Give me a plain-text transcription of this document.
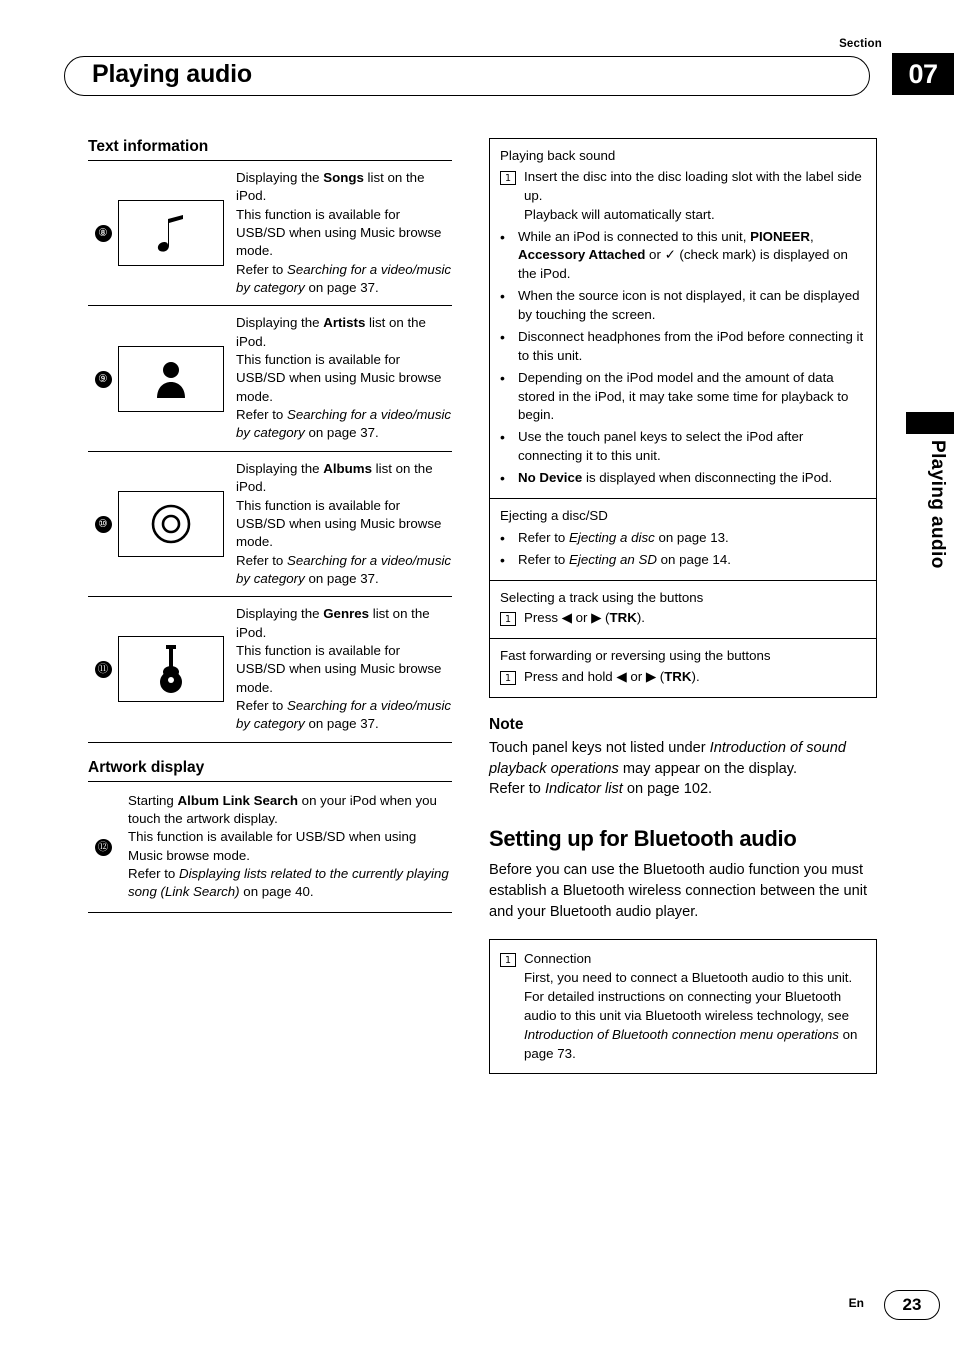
Section
07
Playing audio
Playing audio
Text information
⑧
Displaying the Songs list on the iPod.
This function is available for USB/SD when using Music browse mode.
Refer to Searching for a video/music by category on page 37.
⑨
Displaying the Artists list on the iPod.
This function is available for USB/SD when using Music browse mode.
Refer to Searching for a video/music by category on page 37.
⑩
Displaying the Albums list on the iPod.
This function is available for USB/SD when using Music browse mode.
Refer to Searching for a video/music by category on page 37.
⑪
Displaying the Genres list on the iPod.
This function is available for USB/SD when using Music browse mode.
Refer to Searching for a video/music by category on page 37.
Artwork display
⑫
Starting Album Link Search on your iPod when you touch the artwork display.
This function is available for USB/SD when using Music browse mode.
Refer to Displaying lists related to the currently playing song (Link Search) on page 40.
Playing back sound
1 Insert the disc into the disc loading slot with the label side up.
Playback will automatically start.
• While an iPod is connected to this unit, PIONEER, Accessory Attached or ✓ (check mark) is displayed on the iPod.
• When the source icon is not displayed, it can be displayed by touching the screen.
• Disconnect headphones from the iPod before connecting it to this unit.
• Depending on the iPod model and the amount of data stored in the iPod, it may take some time for playback to begin.
• Use the touch panel keys to select the iPod after connecting it to this unit.
• No Device is displayed when disconnecting the iPod.
Ejecting a disc/SD
• Refer to Ejecting a disc on page 13.
• Refer to Ejecting an SD on page 14.
Selecting a track using the buttons
1 Press ◀ or ▶ (TRK).
Fast forwarding or reversing using the buttons
1 Press and hold ◀ or ▶ (TRK).
Note
Touch panel keys not listed under Introduction of sound playback operations may appear on the display.
Refer to Indicator list on page 102.
Setting up for Bluetooth audio
Before you can use the Bluetooth audio function you must establish a Bluetooth wireless connection between the unit and your Bluetooth audio player.
1 Connection
First, you need to connect a Bluetooth audio to this unit.
For detailed instructions on connecting your Bluetooth audio to this unit via Bluetooth wireless technology, see Introduction of Bluetooth connection menu operations on page 73.
En	23
